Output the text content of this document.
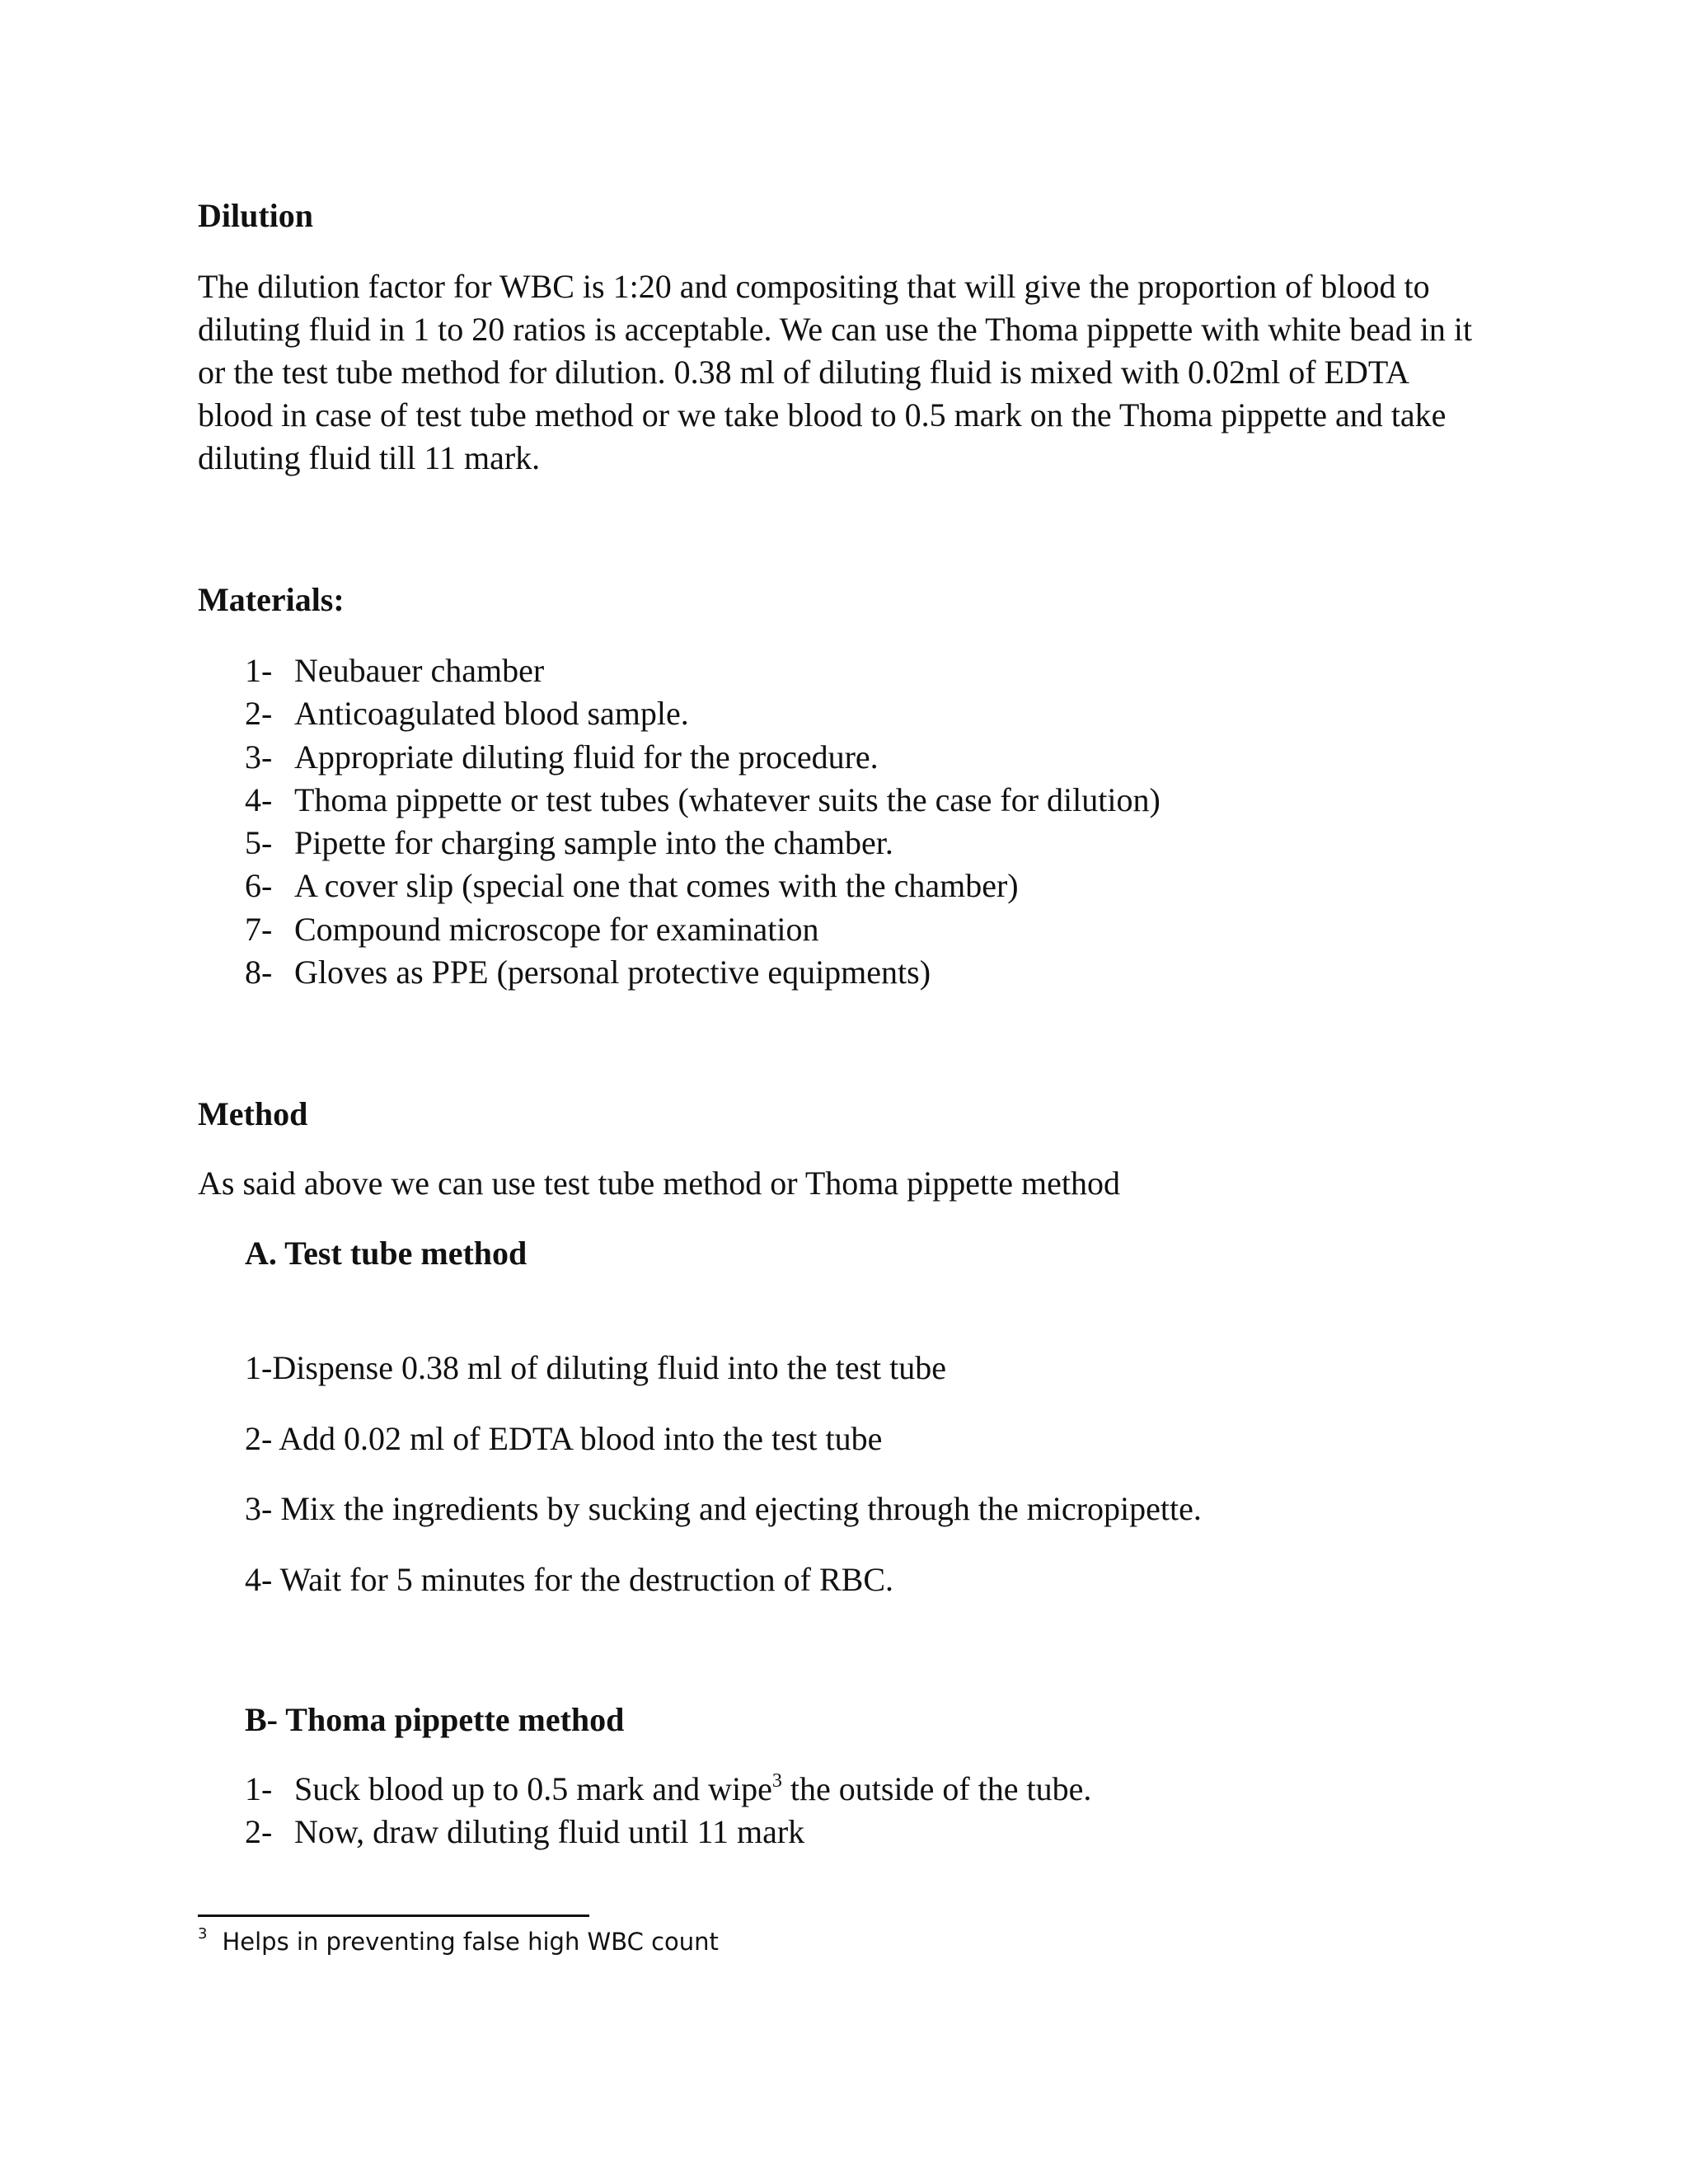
Dilution
The dilution factor for WBC is 1:20 and compositing that will give the proportion of blood to
diluting fluid in 1 to 20 ratios is acceptable. We can use the Thoma pippette with white bead in it
or the test tube method for dilution. 0.38 ml of diluting fluid is mixed with 0.02ml of EDTA
blood in case of test tube method or we take blood to 0.5 mark on the Thoma pippette and take
diluting fluid till 11 mark.
Materials:
1- Neubauer chamber
2- Anticoagulated blood sample.
3- Appropriate diluting fluid for the procedure.
4- Thoma pippette or test tubes (whatever suits the case for dilution)
5- Pipette for charging sample into the chamber.
6- A cover slip (special one that comes with the chamber)
7- Compound microscope for examination
8- Gloves as PPE (personal protective equipments)
Method
As said above we can use test tube method or Thoma pippette method
A. Test tube method
1-Dispense 0.38 ml of diluting fluid into the test tube
2- Add 0.02 ml of EDTA blood into the test tube
3- Mix the ingredients by sucking and ejecting through the micropipette.
4- Wait for 5 minutes for the destruction of RBC.
B- Thoma pippette method
1- Suck blood up to 0.5 mark and wipe$^3$ the outside of the tube.
2- Now, draw diluting fluid until 11 mark
$^3$ Helps in preventing false high WBC count
